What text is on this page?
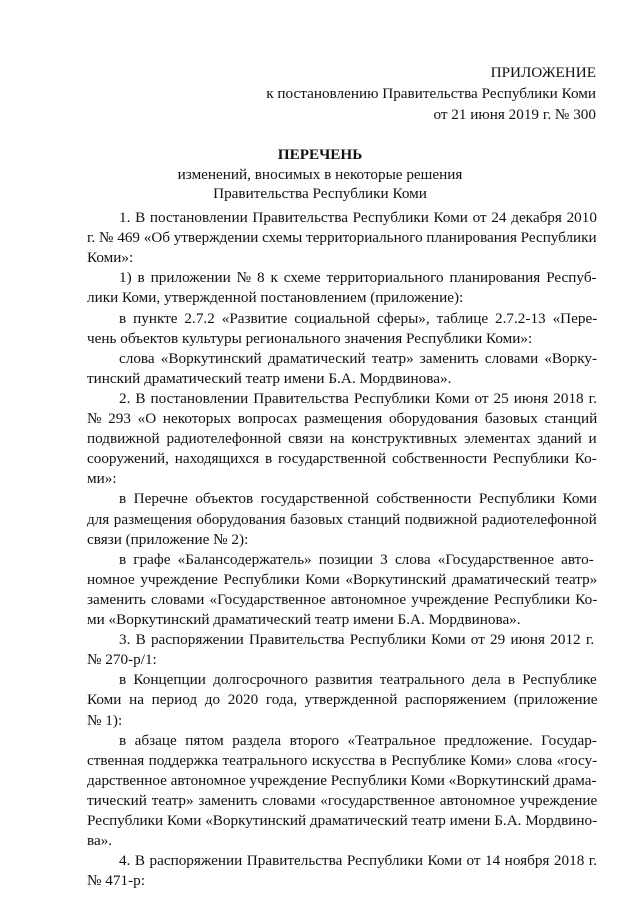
ПРИЛОЖЕНИЕ
к постановлению Правительства Республики Коми
от 21 июня 2019 г. № 300
ПЕРЕЧЕНЬ
изменений, вносимых в некоторые решения
Правительства Республики Коми
1. В постановлении Правительства Республики Коми от 24 декабря 2010
г. № 469 «Об утверждении схемы территориального планирования Республики
Коми»:
1) в приложении № 8 к схеме территориального планирования Респуб-
лики Коми, утвержденной постановлением (приложение):
в пункте 2.7.2 «Развитие социальной сферы», таблице 2.7.2-13 «Пере-
чень объектов культуры регионального значения Республики Коми»:
слова «Воркутинский драматический театр» заменить словами «Ворку-
тинский драматический театр имени Б.А. Мордвинова».
2. В постановлении Правительства Республики Коми от 25 июня 2018 г.
№ 293 «О некоторых вопросах размещения оборудования базовых станций
подвижной радиотелефонной связи на конструктивных элементах зданий и
сооружений, находящихся в государственной собственности Республики Ко-
ми»:
в Перечне объектов государственной собственности Республики Коми
для размещения оборудования базовых станций подвижной радиотелефонной
связи (приложение № 2):
в графе «Балансодержатель» позиции 3 слова «Государственное авто-
номное учреждение Республики Коми «Воркутинский драматический театр»
заменить словами «Государственное автономное учреждение Республики Ко-
ми «Воркутинский драматический театр имени Б.А. Мордвинова».
3. В распоряжении Правительства Республики Коми от 29 июня 2012 г.
№ 270-р/1:
в Концепции долгосрочного развития театрального дела в Республике
Коми на период до 2020 года, утвержденной распоряжением (приложение
№ 1):
в абзаце пятом раздела второго «Театральное предложение. Государ-
ственная поддержка театрального искусства в Республике Коми» слова «госу-
дарственное автономное учреждение Республики Коми «Воркутинский драма-
тический театр» заменить словами «государственное автономное учреждение
Республики Коми «Воркутинский драматический театр имени Б.А. Мордвино-
ва».
4. В распоряжении Правительства Республики Коми от 14 ноября 2018 г.
№ 471-р:
